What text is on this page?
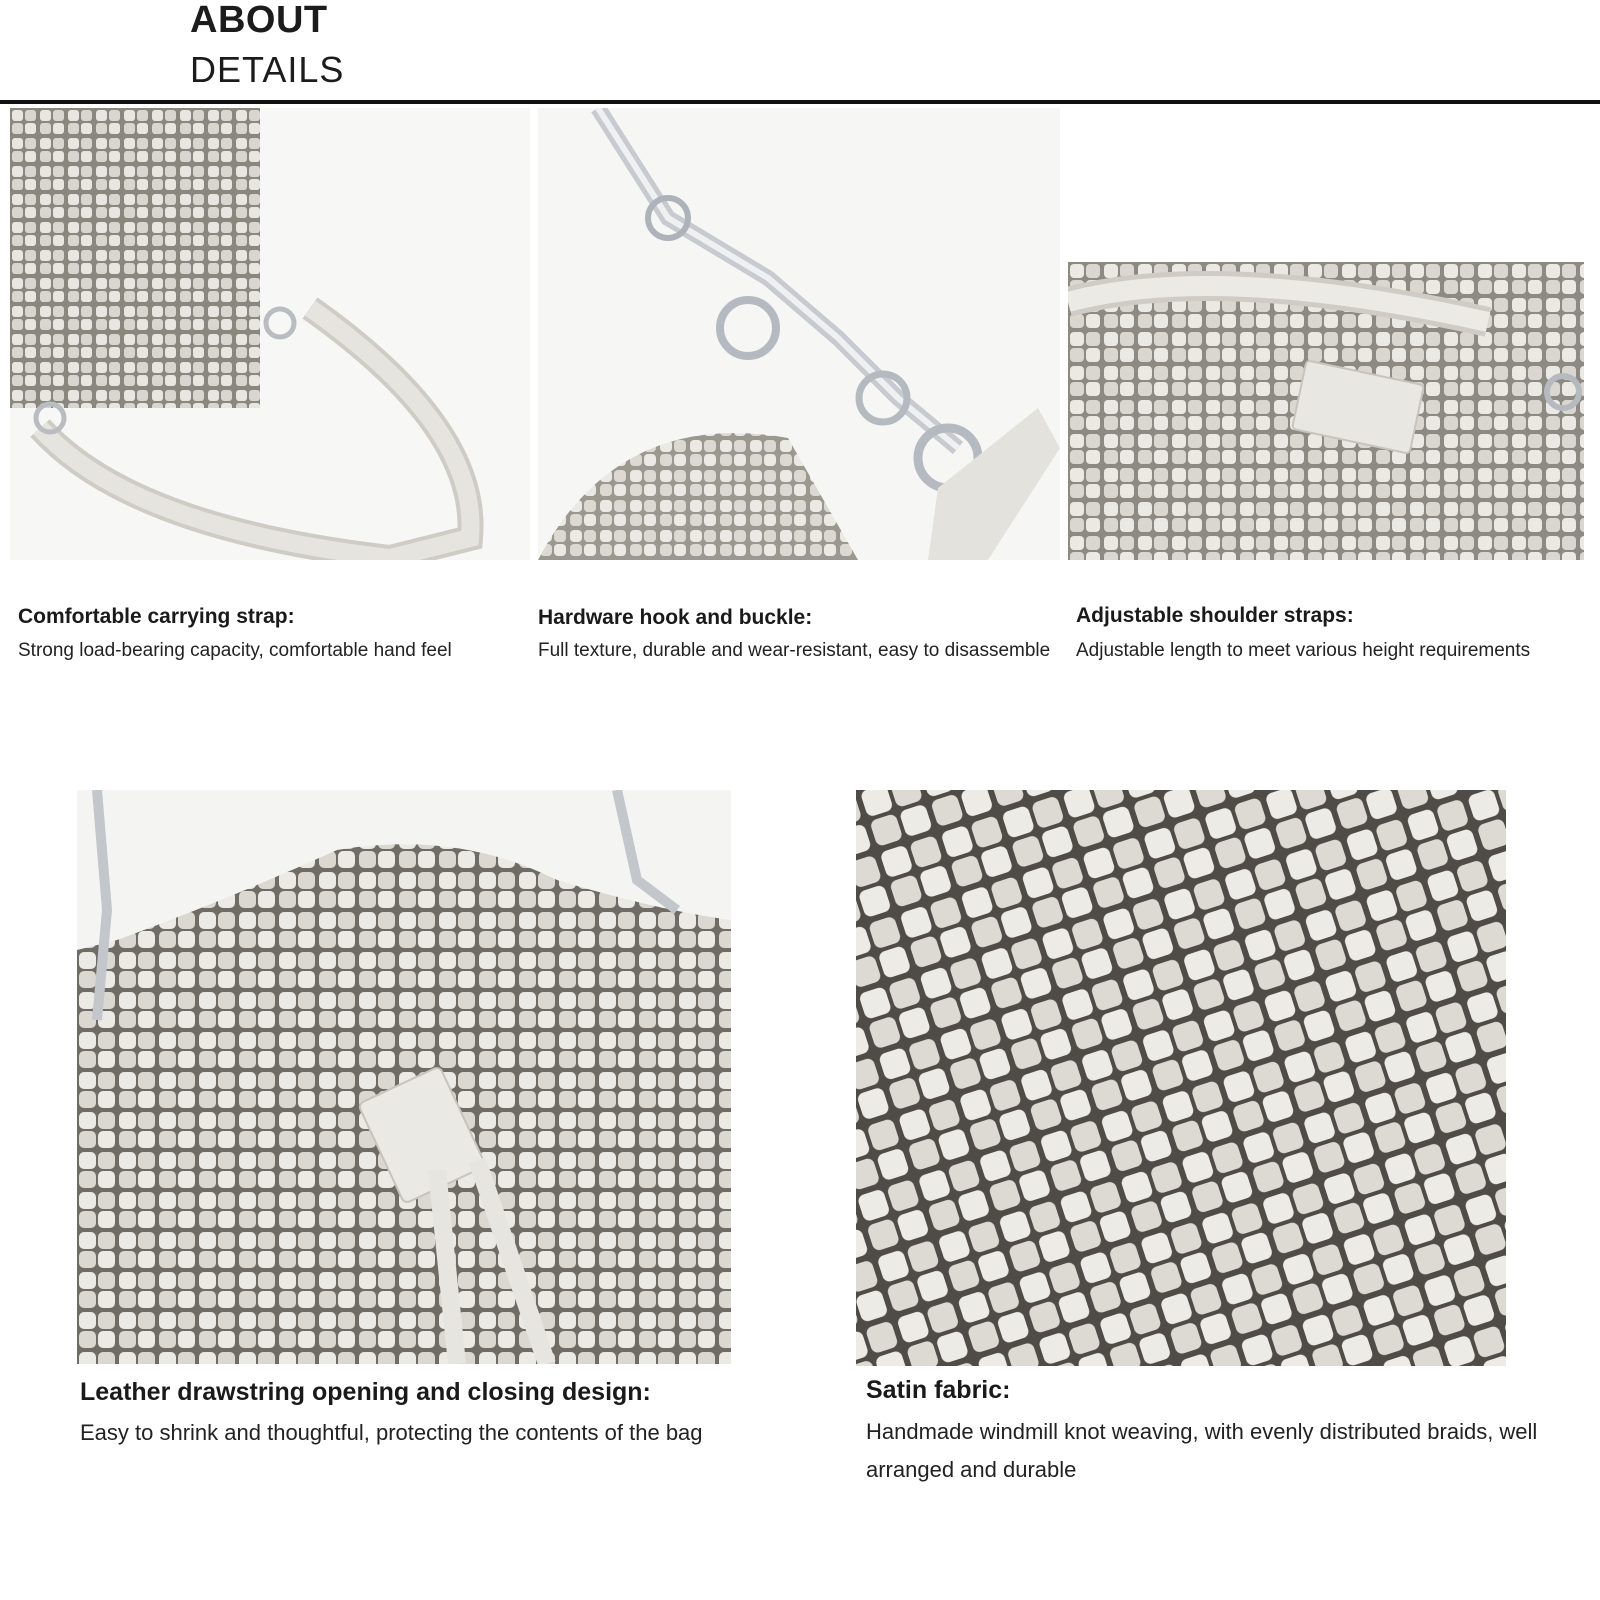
ABOUT
DETAILS
Comfortable carrying strap:
Strong load-bearing capacity, comfortable hand feel
Hardware hook and buckle:
Full texture, durable and wear-resistant, easy to disassemble
Adjustable shoulder straps:
Adjustable length to meet various height requirements
Leather drawstring opening and closing design:
Easy to shrink and thoughtful, protecting the contents of the bag
Satin fabric:
Handmade windmill knot weaving, with evenly distributed braids, well arranged and durable
